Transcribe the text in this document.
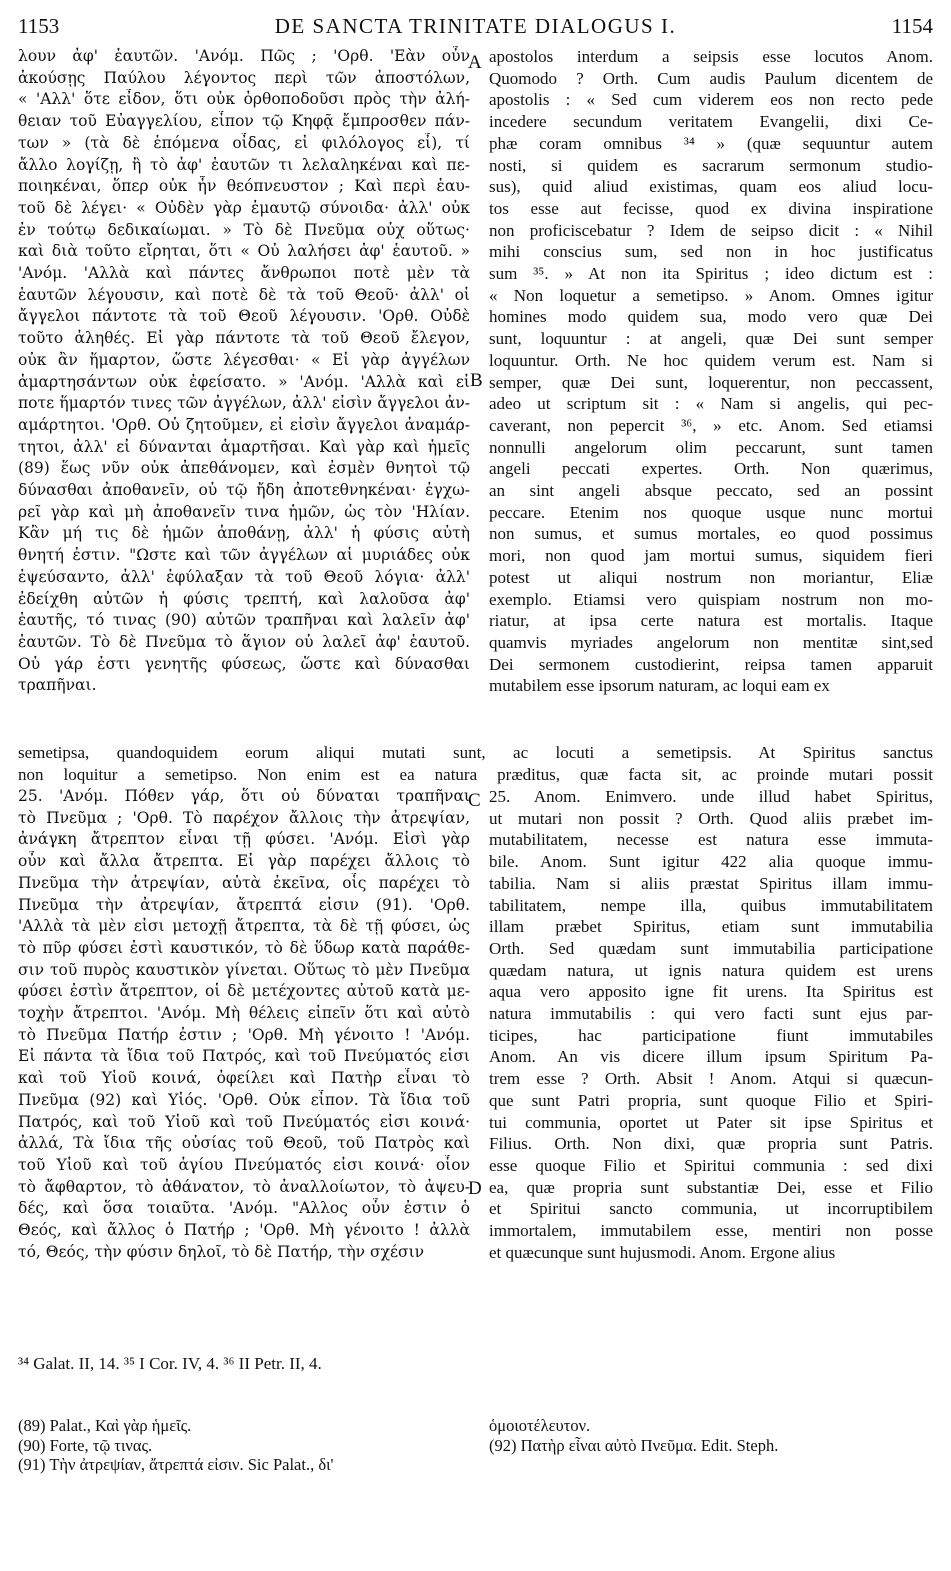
1153	DE SANCTA TRINITATE DIALOGUS I.	1154
A
B
C
D
λουν ἀφ' ἑαυτῶν. 'Ανόμ. Πῶς ; 'Ορθ. 'Εὰν οὖν
ἀκούσῃς Παύλου λέγοντος περὶ τῶν ἀποστόλων,
« 'Αλλ' ὅτε εἶδον, ὅτι οὐκ ὀρθοποδοῦσι πρὸς τὴν ἀλή-
θειαν τοῦ Εὐαγγελίου, εἶπον τῷ Κηφᾷ ἔμπροσθεν πάν-
των » (τὰ δὲ ἑπόμενα οἶδας, εἰ φιλόλογος εἶ), τί
ἄλλο λογίζῃ, ἢ τὸ ἀφ' ἑαυτῶν τι λελαληκέναι καὶ πε-
ποιηκέναι, ὅπερ οὐκ ἦν θεόπνευστον ; Καὶ περὶ ἑαυ-
τοῦ δὲ λέγει· « Οὐδὲν γὰρ ἐμαυτῷ σύνοιδα· ἀλλ' οὐκ
ἐν τούτῳ δεδικαίωμαι. » Τὸ δὲ Πνεῦμα οὐχ οὕτως·
καὶ διὰ τοῦτο εἴρηται, ὅτι « Οὐ λαλήσει ἀφ' ἑαυτοῦ. »
'Ανόμ. 'Αλλὰ καὶ πάντες ἄνθρωποι ποτὲ μὲν τὰ
ἑαυτῶν λέγουσιν, καὶ ποτὲ δὲ τὰ τοῦ Θεοῦ· ἀλλ' οἱ
ἄγγελοι πάντοτε τὰ τοῦ Θεοῦ λέγουσιν. 'Ορθ. Οὐδὲ
τοῦτο ἀληθές. Εἰ γὰρ πάντοτε τὰ τοῦ Θεοῦ ἔλεγον,
οὐκ ἂν ἥμαρτον, ὥστε λέγεσθαι· « Εἰ γὰρ ἀγγέλων
ἁμαρτησάντων οὐκ ἐφείσατο. » 'Ανόμ. 'Αλλὰ καὶ εἰ
ποτε ἥμαρτόν τινες τῶν ἀγγέλων, ἀλλ' εἰσὶν ἄγγελοι ἀν-
αμάρτητοι. 'Ορθ. Οὐ ζητοῦμεν, εἰ εἰσὶν ἄγγελοι ἀναμάρ-
τητοι, ἀλλ' εἰ δύνανται ἁμαρτῆσαι. Καὶ γὰρ καὶ ἡμεῖς
(89) ἕως νῦν οὐκ ἀπεθάνομεν, καὶ ἐσμὲν θνητοὶ τῷ
δύνασθαι ἀποθανεῖν, οὐ τῷ ἤδη ἀποτεθνηκέναι· ἐγχω-
ρεῖ γὰρ καὶ μὴ ἀποθανεῖν τινα ἡμῶν, ὡς τὸν 'Ηλίαν.
Κἂν μή τις δὲ ἡμῶν ἀποθάνῃ, ἀλλ' ἡ φύσις αὐτὴ
θνητή ἐστιν. "Ωστε καὶ τῶν ἀγγέλων αἱ μυριάδες οὐκ
ἐψεύσαντο, ἀλλ' ἐφύλαξαν τὰ τοῦ Θεοῦ λόγια· ἀλλ'
ἐδείχθη αὐτῶν ἡ φύσις τρεπτή, καὶ λαλοῦσα ἀφ'
ἑαυτῆς, τό τινας (90) αὐτῶν τραπῆναι καὶ λαλεῖν ἀφ'
ἑαυτῶν. Τὸ δὲ Πνεῦμα τὸ ἅγιον οὐ λαλεῖ ἀφ' ἑαυτοῦ.
Οὐ γάρ ἐστι γενητῆς φύσεως, ὥστε καὶ δύνασθαι
τραπῆναι.
apostolos interdum a seipsis esse locutos Anom.
Quomodo ? Orth. Cum audis Paulum dicentem de
apostolis : « Sed cum viderem eos non recto pede
incedere secundum veritatem Evangelii, dixi Ce-
phæ coram omnibus ³⁴ » (quæ sequuntur autem
nosti, si quidem es sacrarum sermonum studio-
sus), quid aliud existimas, quam eos aliud locu-
tos esse aut fecisse, quod ex divina inspiratione
non proficiscebatur ? Idem de seipso dicit : « Nihil
mihi conscius sum, sed non in hoc justificatus
sum ³⁵. » At non ita Spiritus ; ideo dictum est :
« Non loquetur a semetipso. » Anom. Omnes igitur
homines modo quidem sua, modo vero quæ Dei
sunt, loquuntur : at angeli, quæ Dei sunt semper
loquuntur. Orth. Ne hoc quidem verum est. Nam si
semper, quæ Dei sunt, loquerentur, non peccassent,
adeo ut scriptum sit : « Nam si angelis, qui pec-
caverant, non pepercit ³⁶, » etc. Anom. Sed etiamsi
nonnulli angelorum olim peccarunt, sunt tamen
angeli peccati expertes. Orth. Non quærimus,
an sint angeli absque peccato, sed an possint
peccare. Etenim nos quoque usque nunc mortui
non sumus, et sumus mortales, eo quod possimus
mori, non quod jam mortui sumus, siquidem fieri
potest ut aliqui nostrum non moriantur, Eliæ
exemplo. Etiamsi vero quispiam nostrum non mo-
riatur, at ipsa certe natura est mortalis. Itaque
quamvis myriades angelorum non mentitæ sint,sed
Dei sermonem custodierint, reipsa tamen apparuit
mutabilem esse ipsorum naturam, ac loqui eam ex
semetipsa, quandoquidem eorum aliqui mutati sunt, ac locuti a semetipsis. At Spiritus sanctus
non loquitur a semetipso. Non enim est ea natura præditus, quæ facta sit, ac proinde mutari possit
25. 'Ανόμ. Πόθεν γάρ, ὅτι οὐ δύναται τραπῆναι
τὸ Πνεῦμα ; 'Ορθ. Τὸ παρέχον ἄλλοις τὴν ἀτρεψίαν,
ἀνάγκη ἄτρεπτον εἶναι τῇ φύσει. 'Ανόμ. Εἰσὶ γὰρ
οὖν καὶ ἄλλα ἄτρεπτα. Εἰ γὰρ παρέχει ἄλλοις τὸ
Πνεῦμα τὴν ἀτρεψίαν, αὐτὰ ἐκεῖνα, οἷς παρέχει τὸ
Πνεῦμα τὴν ἀτρεψίαν, ἄτρεπτά εἰσιν (91). 'Ορθ.
'Αλλὰ τὰ μὲν εἰσι μετοχῇ ἄτρεπτα, τὰ δὲ τῇ φύσει, ὡς
τὸ πῦρ φύσει ἐστὶ καυστικόν, τὸ δὲ ὕδωρ κατὰ παράθε-
σιν τοῦ πυρὸς καυστικὸν γίνεται. Οὕτως τὸ μὲν Πνεῦμα
φύσει ἐστὶν ἄτρεπτον, οἱ δὲ μετέχοντες αὐτοῦ κατὰ με-
τοχὴν ἄτρεπτοι. 'Ανόμ. Μὴ θέλεις εἰπεῖν ὅτι καὶ αὐτὸ
τὸ Πνεῦμα Πατήρ ἐστιν ; 'Ορθ. Μὴ γένοιτο ! 'Ανόμ.
Εἰ πάντα τὰ ἴδια τοῦ Πατρός, καὶ τοῦ Πνεύματός εἰσι
καὶ τοῦ Υἱοῦ κοινά, ὀφείλει καὶ Πατὴρ εἶναι τὸ
Πνεῦμα (92) καὶ Υἱός. 'Ορθ. Οὐκ εἶπον. Τὰ ἴδια τοῦ
Πατρός, καὶ τοῦ Υἱοῦ καὶ τοῦ Πνεύματός εἰσι κοινά·
ἀλλά, Τὰ ἴδια τῆς οὐσίας τοῦ Θεοῦ, τοῦ Πατρὸς καὶ
τοῦ Υἱοῦ καὶ τοῦ ἁγίου Πνεύματός εἰσι κοινά· οἷον
τὸ ἄφθαρτον, τὸ ἀθάνατον, τὸ ἀναλλοίωτον, τὸ ἀψευ-
δές, καὶ ὅσα τοιαῦτα. 'Ανόμ. "Αλλος οὖν ἐστιν ὁ
Θεός, καὶ ἄλλος ὁ Πατήρ ; 'Ορθ. Μὴ γένοιτο ! ἀλλὰ
τό, Θεός, τὴν φύσιν δηλοῖ, τὸ δὲ Πατήρ, τὴν σχέσιν
25. Anom. Enimvero. unde illud habet Spiritus,
ut mutari non possit ? Orth. Quod aliis præbet im-
mutabilitatem, necesse est natura esse immuta-
bile. Anom. Sunt igitur 422 alia quoque immu-
tabilia. Nam si aliis præstat Spiritus illam immu-
tabilitatem, nempe illa, quibus immutabilitatem
illam præbet Spiritus, etiam sunt immutabilia
Orth. Sed quædam sunt immutabilia participatione
quædam natura, ut ignis natura quidem est urens
aqua vero apposito igne fit urens. Ita Spiritus est
natura immutabilis : qui vero facti sunt ejus par-
ticipes, hac participatione fiunt immutabiles
Anom. An vis dicere illum ipsum Spiritum Pa-
trem esse ? Orth. Absit ! Anom. Atqui si quæcun-
que sunt Patri propria, sunt quoque Filio et Spiri-
tui communia, oportet ut Pater sit ipse Spiritus et
Filius. Orth. Non dixi, quæ propria sunt Patris.
esse quoque Filio et Spiritui communia : sed dixi
ea, quæ propria sunt substantiæ Dei, esse et Filio
et Spiritui sancto communia, ut incorruptibilem
immortalem, immutabilem esse, mentiri non posse
et quæcunque sunt hujusmodi. Anom. Ergone alius
³⁴ Galat. II, 14. ³⁵ I Cor. IV, 4. ³⁶ II Petr. II, 4.
(89) Palat., Καὶ γὰρ ἡμεῖς.
(90) Forte, τῷ τινας.
(91) Τὴν ἀτρεψίαν, ἄτρεπτά εἰσιν. Sic Palat., δι'
ὁμοιοτέλευτον.
(92) Πατὴρ εἶναι αὐτὸ Πνεῦμα. Edit. Steph.
